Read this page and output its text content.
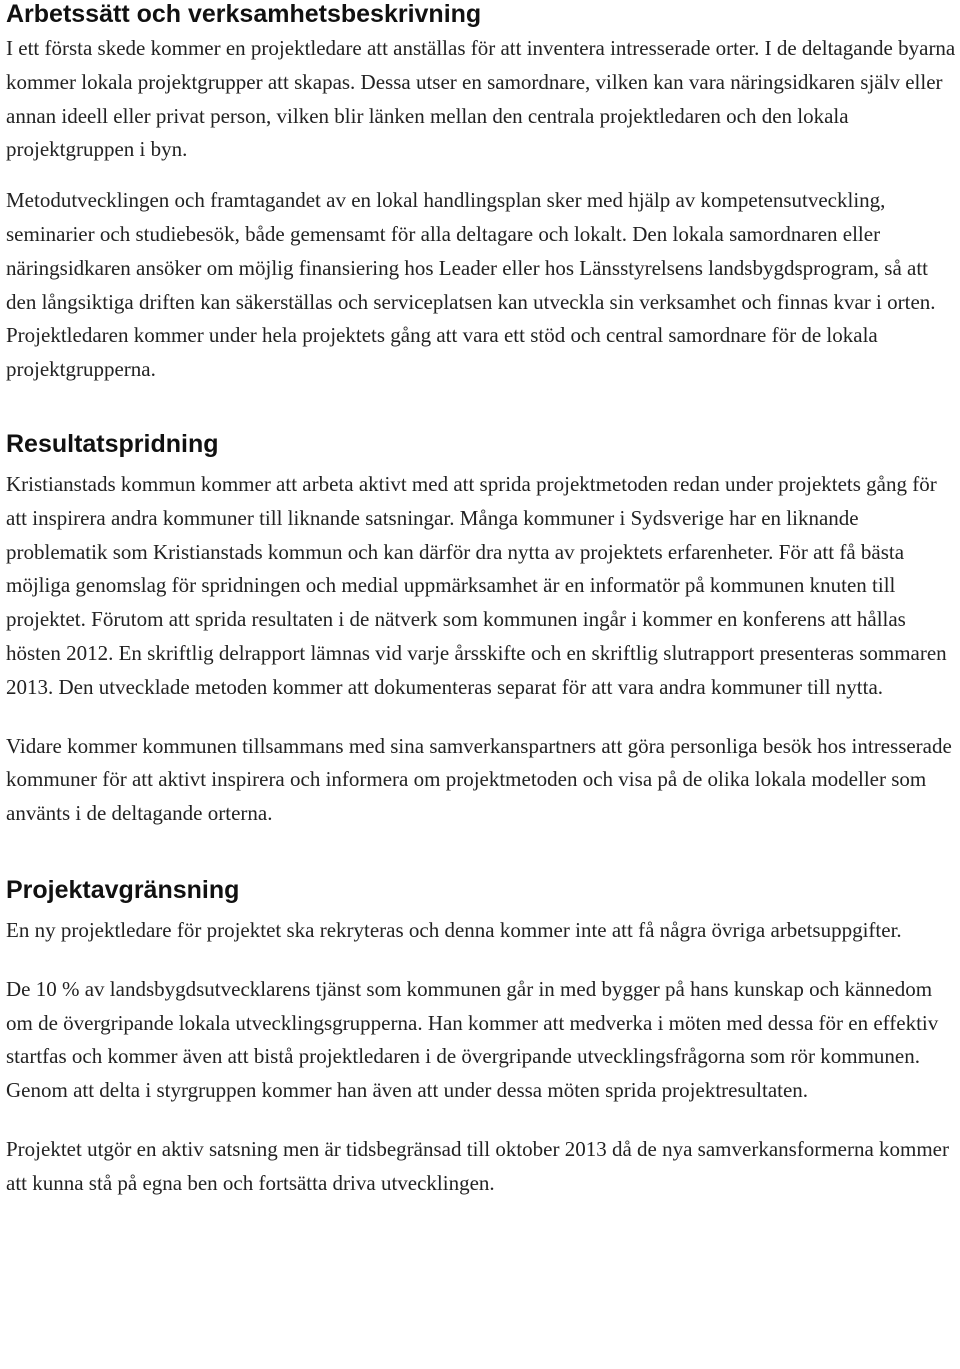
Arbetssätt och verksamhetsbeskrivning

I ett första skede kommer en projektledare att anställas för att inventera intresserade orter. I de deltagande byarna kommer lokala projektgrupper att skapas. Dessa utser en samordnare, vilken kan vara näringsidkaren själv eller annan ideell eller privat person, vilken blir länken mellan den centrala projektledaren och den lokala projektgruppen i byn.

Metodutvecklingen och framtagandet av en lokal handlingsplan sker med hjälp av kompetensutveckling, seminarier och studiebesök, både gemensamt för alla deltagare och lokalt. Den lokala samordnaren eller näringsidkaren ansöker om möjlig finansiering hos Leader eller hos Länsstyrelsens landsbygdsprogram, så att den långsiktiga driften kan säkerställas och serviceplatsen kan utveckla sin verksamhet och finnas kvar i orten. Projektledaren kommer under hela projektets gång att vara ett stöd och central samordnare för de lokala projektgrupperna.

Resultatspridning

Kristianstads kommun kommer att arbeta aktivt med att sprida projektmetoden redan under projektets gång för att inspirera andra kommuner till liknande satsningar. Många kommuner i Sydsverige har en liknande problematik som Kristianstads kommun och kan därför dra nytta av projektets erfarenheter. För att få bästa möjliga genomslag för spridningen och medial uppmärksamhet är en informatör på kommunen knuten till projektet. Förutom att sprida resultaten i de nätverk som kommunen ingår i kommer en konferens att hållas hösten 2012. En skriftlig delrapport lämnas vid varje årsskifte och en skriftlig slutrapport presenteras sommaren 2013. Den utvecklade metoden kommer att dokumenteras separat för att vara andra kommuner till nytta.

Vidare kommer kommunen tillsammans med sina samverkanspartners att göra personliga besök hos intresserade kommuner för att aktivt inspirera och informera om projektmetoden och visa på de olika lokala modeller som använts i de deltagande orterna.

Projektavgränsning

En ny projektledare för projektet ska rekryteras och denna kommer inte att få några övriga arbetsuppgifter.

De 10 % av landsbygdsutvecklarens tjänst som kommunen går in med bygger på hans kunskap och kännedom om de övergripande lokala utvecklingsgrupperna. Han kommer att medverka i möten med dessa för en effektiv startfas och kommer även att bistå projektledaren i de övergripande utvecklingsfrågorna som rör kommunen. Genom att delta i styrgruppen kommer han även att under dessa möten sprida projektresultaten.

Projektet utgör en aktiv satsning men är tidsbegränsad till oktober 2013 då de nya samverkansformerna kommer att kunna stå på egna ben och fortsätta driva utvecklingen.
